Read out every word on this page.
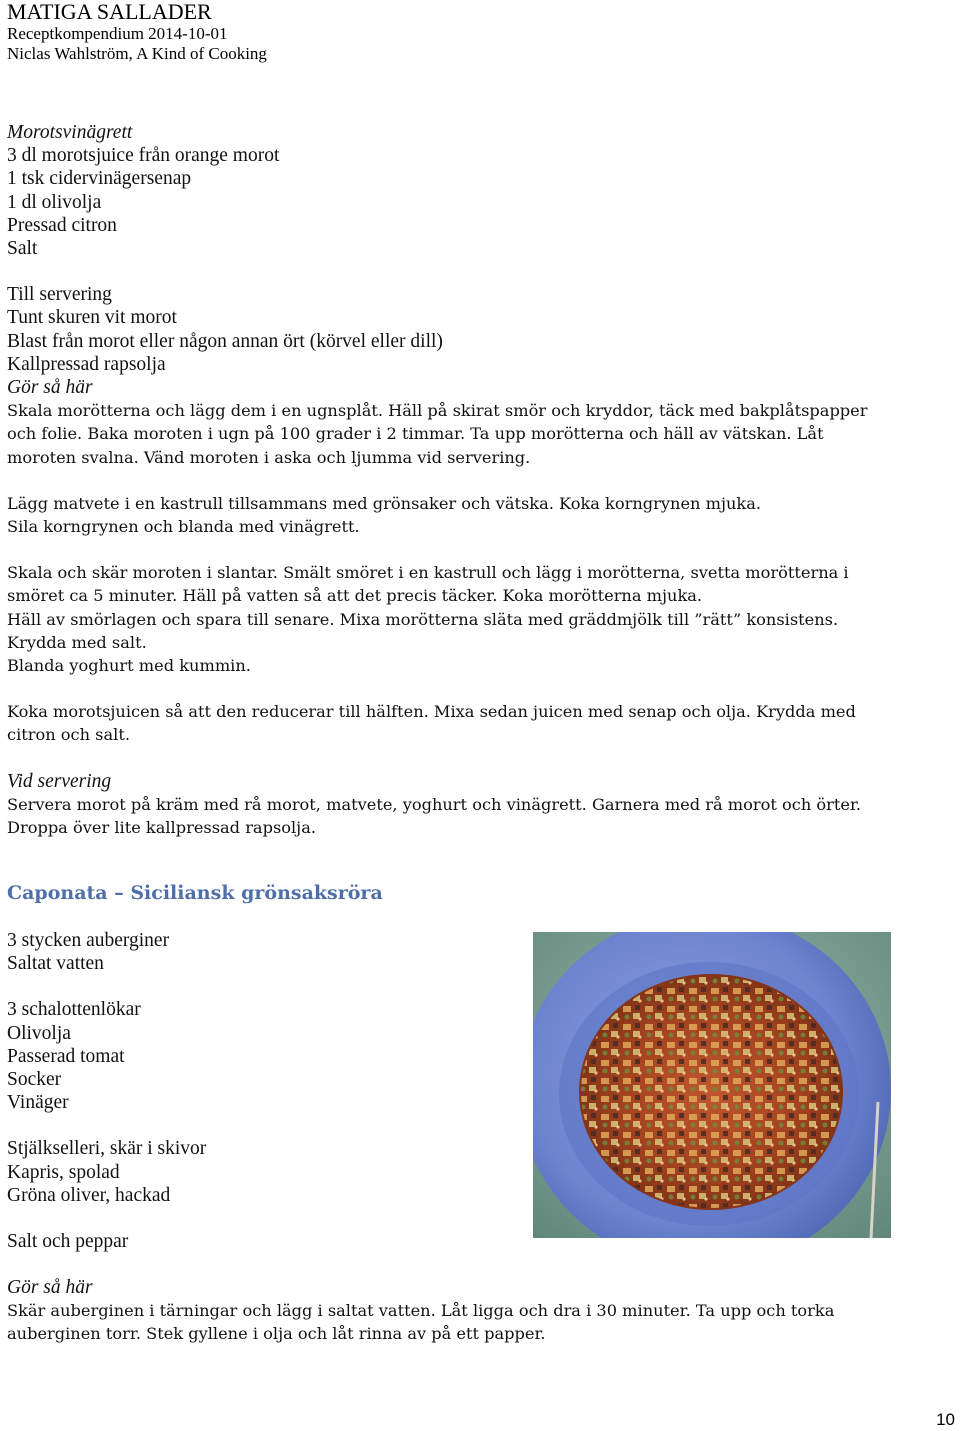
MATIGA SALLADER
Receptkompendium 2014-10-01
Niclas Wahlström, A Kind of Cooking
Morotsvinägrett
3 dl morotsjuice från orange morot
1 tsk cidervinägersenap
1 dl olivolja
Pressad citron
Salt
Till servering
Tunt skuren vit morot
Blast från morot eller någon annan ört (körvel eller dill)
Kallpressad rapsolja
Gör så här
Skala morötterna och lägg dem i en ugnsplåt. Häll på skirat smör och kryddor, täck med bakplåtspapper
och folie. Baka moroten i ugn på 100 grader i 2 timmar. Ta upp morötterna och häll av vätskan. Låt
moroten svalna. Vänd moroten i aska och ljumma vid servering.
Lägg matvete i en kastrull tillsammans med grönsaker och vätska. Koka korngrynen mjuka.
Sila korngrynen och blanda med vinägrett.
Skala och skär moroten i slantar. Smält smöret i en kastrull och lägg i morötterna, svetta morötterna i
smöret ca 5 minuter. Häll på vatten så att det precis täcker. Koka morötterna mjuka.
Häll av smörlagen och spara till senare. Mixa morötterna släta med gräddmjölk till ”rätt” konsistens.
Krydda med salt.
Blanda yoghurt med kummin.
Koka morotsjuicen så att den reducerar till hälften. Mixa sedan juicen med senap och olja. Krydda med
citron och salt.
Vid servering
Servera morot på kräm med rå morot, matvete, yoghurt och vinägrett. Garnera med rå morot och örter.
Droppa över lite kallpressad rapsolja.
Caponata – Siciliansk grönsaksröra
3 stycken auberginer
Saltat vatten
3 schalottenlökar
Olivolja
Passerad tomat
Socker
Vinäger
Stjälkselleri, skär i skivor
Kapris, spolad
Gröna oliver, hackad
Salt och peppar
Gör så här
Skär auberginen i tärningar och lägg i saltat vatten. Låt ligga och dra i 30 minuter. Ta upp och torka
auberginen torr. Stek gyllene i olja och låt rinna av på ett papper.
10
